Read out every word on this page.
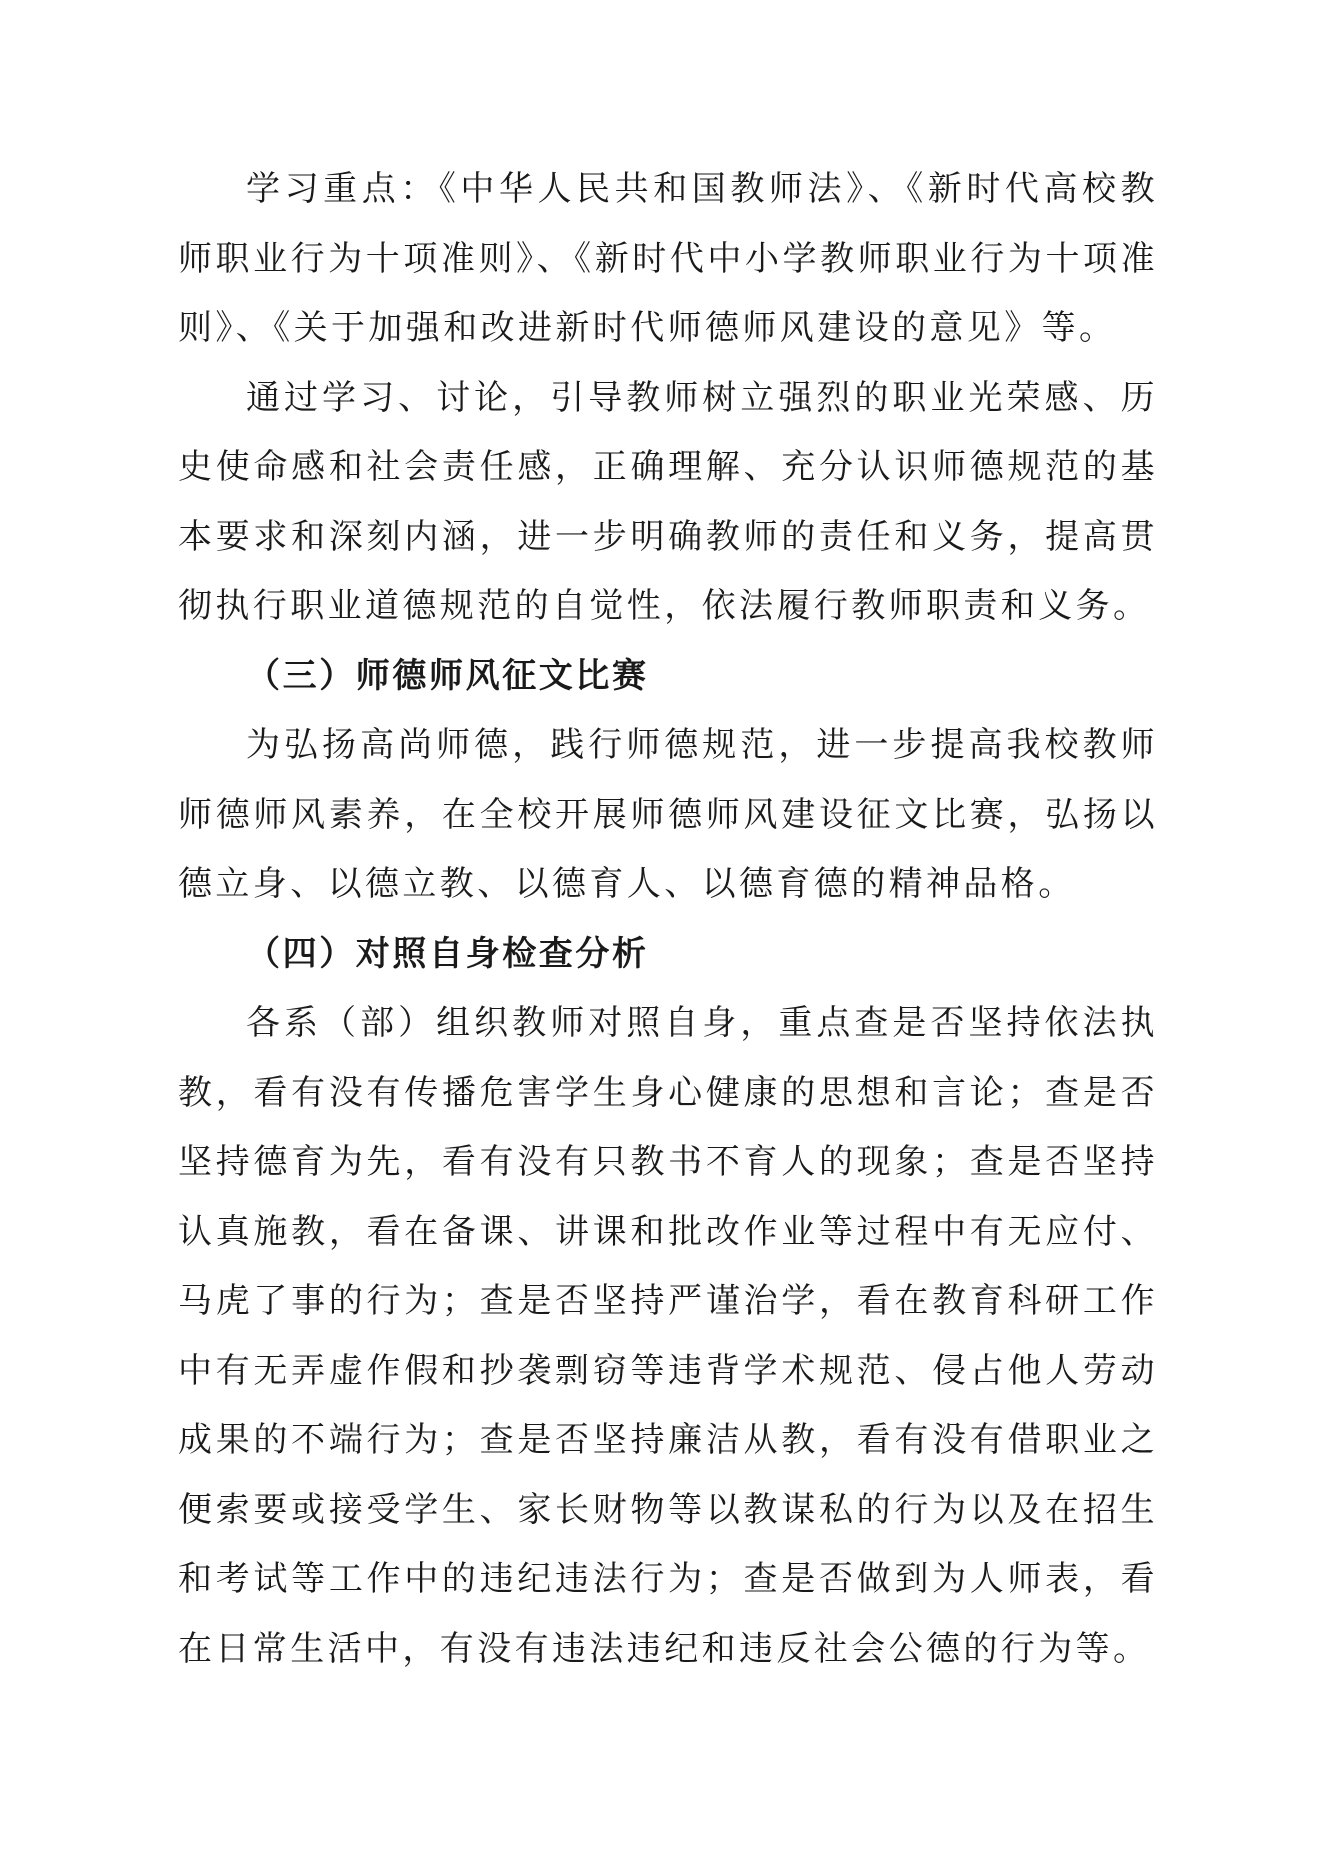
学习重点：《中华人民共和国教师法》、《新时代高校教师职业行为十项准则》、《新时代中小学教师职业行为十项准则》、《关于加强和改进新时代师德师风建设的意见》等。

通过学习、讨论，引导教师树立强烈的职业光荣感、历史使命感和社会责任感，正确理解、充分认识师德规范的基本要求和深刻内涵，进一步明确教师的责任和义务，提高贯彻执行职业道德规范的自觉性，依法履行教师职责和义务。

（三）师德师风征文比赛

为弘扬高尚师德，践行师德规范，进一步提高我校教师师德师风素养，在全校开展师德师风建设征文比赛，弘扬以德立身、以德立教、以德育人、以德育德的精神品格。

（四）对照自身检查分析

各系（部）组织教师对照自身，重点查是否坚持依法执教，看有没有传播危害学生身心健康的思想和言论；查是否坚持德育为先，看有没有只教书不育人的现象；查是否坚持认真施教，看在备课、讲课和批改作业等过程中有无应付、马虎了事的行为；查是否坚持严谨治学，看在教育科研工作中有无弄虚作假和抄袭剽窃等违背学术规范、侵占他人劳动成果的不端行为；查是否坚持廉洁从教，看有没有借职业之便索要或接受学生、家长财物等以教谋私的行为以及在招生和考试等工作中的违纪违法行为；查是否做到为人师表，看在日常生活中，有没有违法违纪和违反社会公德的行为等。
